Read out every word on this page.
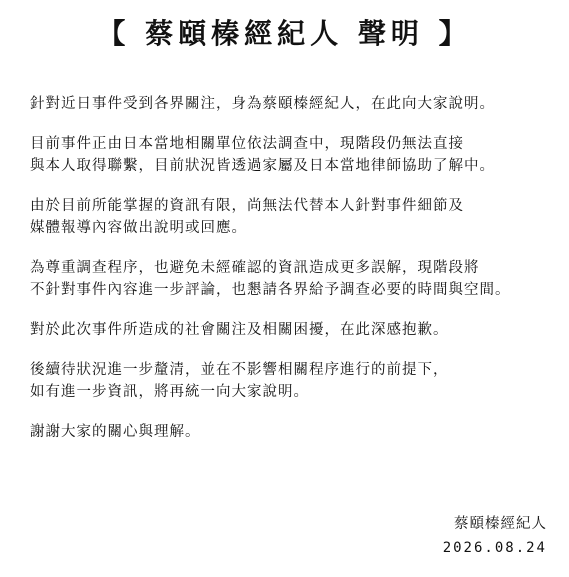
【 蔡頤榛經紀人 聲明 】

針對近日事件受到各界關注，身為蔡頤榛經紀人，在此向大家說明。

目前事件正由日本當地相關單位依法調查中，現階段仍無法直接
與本人取得聯繫，目前狀況皆透過家屬及日本當地律師協助了解中。

由於目前所能掌握的資訊有限，尚無法代替本人針對事件細節及
媒體報導內容做出說明或回應。

為尊重調查程序，也避免未經確認的資訊造成更多誤解，現階段將
不針對事件內容進一步評論，也懇請各界給予調查必要的時間與空間。

對於此次事件所造成的社會關注及相關困擾，在此深感抱歉。

後續待狀況進一步釐清，並在不影響相關程序進行的前提下，
如有進一步資訊，將再統一向大家說明。

謝謝大家的關心與理解。

蔡頤榛經紀人
2026.08.24
